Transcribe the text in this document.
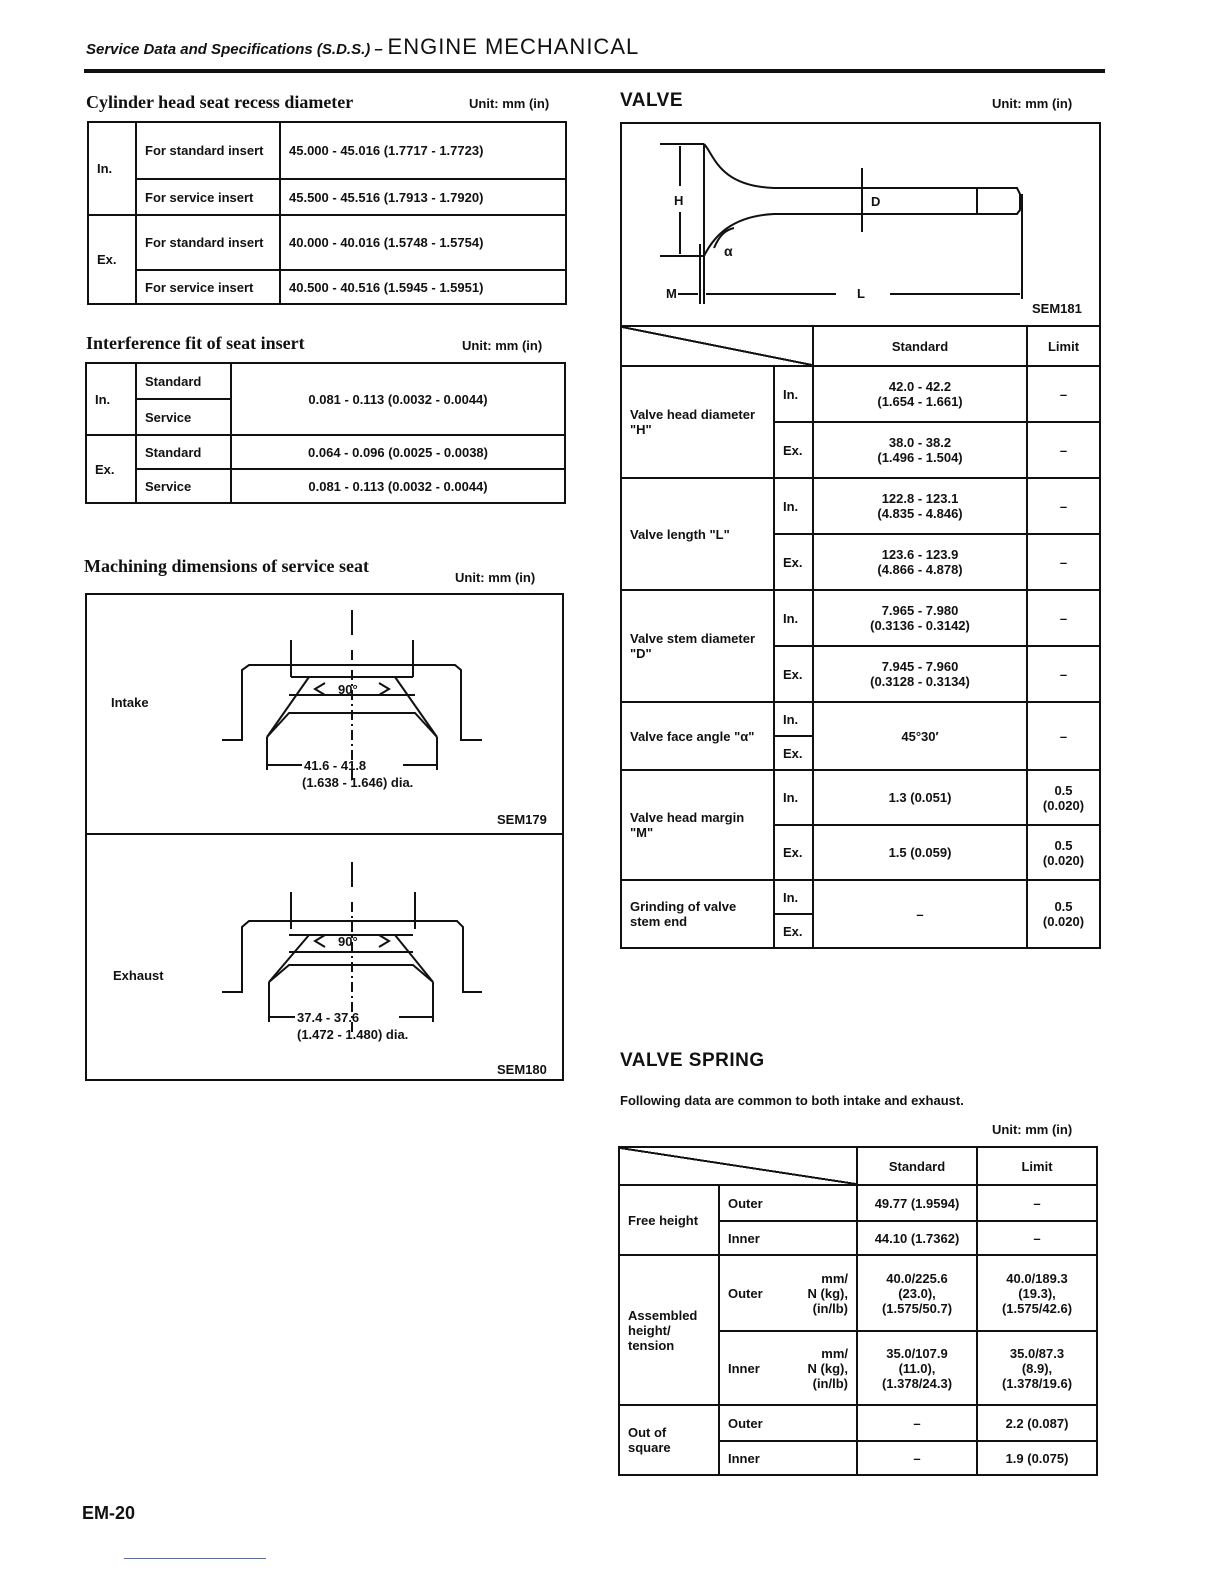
Service Data and Specifications (S.D.S.) – ENGINE MECHANICAL
Cylinder head seat recess diameter	Unit: mm (in)
In.	For standard insert	45.000 - 45.016 (1.7717 - 1.7723)
	For service insert	45.500 - 45.516 (1.7913 - 1.7920)
Ex.	For standard insert	40.000 - 40.016 (1.5748 - 1.5754)
	For service insert	40.500 - 40.516 (1.5945 - 1.5951)
Interference fit of seat insert	Unit: mm (in)
In.	Standard	0.081 - 0.113 (0.0032 - 0.0044)
	Service	
Ex.	Standard	0.064 - 0.096 (0.0025 - 0.0038)
	Service	0.081 - 0.113 (0.0032 - 0.0044)
Machining dimensions of service seat
Unit: mm (in)
Intake
Exhaust
90°
41.6 - 41.8
(1.638 - 1.646) dia.
SEM179
90°
37.4 - 37.6
(1.472 - 1.480) dia.
SEM180
VALVE	Unit: mm (in)
H	D
α
M	L
SEM181
		Standard	Limit
Valve head diameter "H"	In.	42.0 - 42.2
(1.654 - 1.661)	–
	Ex.	38.0 - 38.2
(1.496 - 1.504)	–
Valve length "L"	In.	122.8 - 123.1
(4.835 - 4.846)	–
	Ex.	123.6 - 123.9
(4.866 - 4.878)	–
Valve stem diameter "D"	In.	7.965 - 7.980
(0.3136 - 0.3142)	–
	Ex.	7.945 - 7.960
(0.3128 - 0.3134)	–
Valve face angle "α"	In.	45°30′	–
	Ex.		
Valve head margin "M"	In.	1.3 (0.051)	0.5
(0.020)
	Ex.	1.5 (0.059)	0.5
(0.020)
Grinding of valve stem end	In.	–	0.5
(0.020)
	Ex.		
VALVE SPRING
Following data are common to both intake and exhaust.
Unit: mm (in)
			Standard	Limit
Free height	Outer		49.77 (1.9594)	–
	Inner		44.10 (1.7362)	–
Assembled height/ tension	Outer	mm/
N (kg),
(in/lb)	40.0/225.6
(23.0),
(1.575/50.7)	40.0/189.3
(19.3),
(1.575/42.6)
	Inner	mm/
N (kg),
(in/lb)	35.0/107.9
(11.0),
(1.378/24.3)	35.0/87.3
(8.9),
(1.378/19.6)
Out of square	Outer		–	2.2 (0.087)
	Inner		–	1.9 (0.075)
EM-20
